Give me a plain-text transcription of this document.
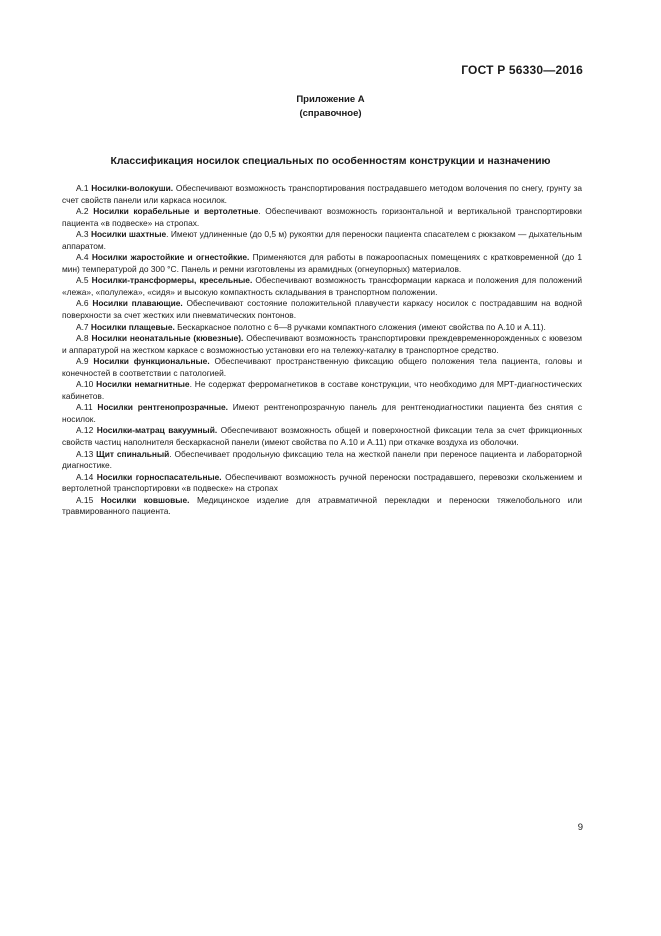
ГОСТ Р 56330—2016
Приложение А
(справочное)
Классификация носилок специальных по особенностям конструкции и назначению

А.1 Носилки-волокуши. Обеспечивают возможность транспортирования пострадавшего методом волочения по снегу, грунту за счет свойств панели или каркаса носилок.

А.2 Носилки корабельные и вертолетные. Обеспечивают возможность горизонтальной и вертикальной транспортировки пациента «в подвеске» на стропах.

А.3 Носилки шахтные. Имеют удлиненные (до 0,5 м) рукоятки для переноски пациента спасателем с рюкзаком — дыхательным аппаратом.

А.4 Носилки жаростойкие и огнестойкие. Применяются для работы в пожароопасных помещениях с кратковременной (до 1 мин) температурой до 300 °С. Панель и ремни изготовлены из арамидных (огнеупорных) материалов.

А.5 Носилки-трансформеры, кресельные. Обеспечивают возможность трансформации каркаса и положения для положений «лежа», «полулежа», «сидя» и высокую компактность складывания в транспортном положении.

А.6 Носилки плавающие. Обеспечивают состояние положительной плавучести каркасу носилок с пострадавшим на водной поверхности за счет жестких или пневматических понтонов.

А.7 Носилки плащевые. Бескаркасное полотно с 6—8 ручками компактного сложения (имеют свойства по А.10 и А.11).

А.8 Носилки неонатальные (кювезные). Обеспечивают возможность транспортировки преждевременнорожденных с кювезом и аппаратурой на жестком каркасе с возможностью установки его на тележку-каталку в транспортное средство.

А.9 Носилки функциональные. Обеспечивают пространственную фиксацию общего положения тела пациента, головы и конечностей в соответствии с патологией.

А.10 Носилки немагнитные. Не содержат ферромагнетиков в составе конструкции, что необходимо для МРТ-диагностических кабинетов.

А.11 Носилки рентгенопрозрачные. Имеют рентгенопрозрачную панель для рентгенодиагностики пациента без снятия с носилок.

А.12 Носилки-матрац вакуумный. Обеспечивают возможность общей и поверхностной фиксации тела за счет фрикционных свойств частиц наполнителя бескаркасной панели (имеют свойства по А.10 и А.11) при откачке воздуха из оболочки.

А.13 Щит спинальный. Обеспечивает продольную фиксацию тела на жесткой панели при переносе пациента и лабораторной диагностике.

А.14 Носилки горноспасательные. Обеспечивают возможность ручной переноски пострадавшего, перевозки скольжением и вертолетной транспортировки «в подвеске» на стропах

А.15 Носилки ковшовые. Медицинское изделие для атравматичной перекладки и переноски тяжелобольного или травмированного пациента.

9
